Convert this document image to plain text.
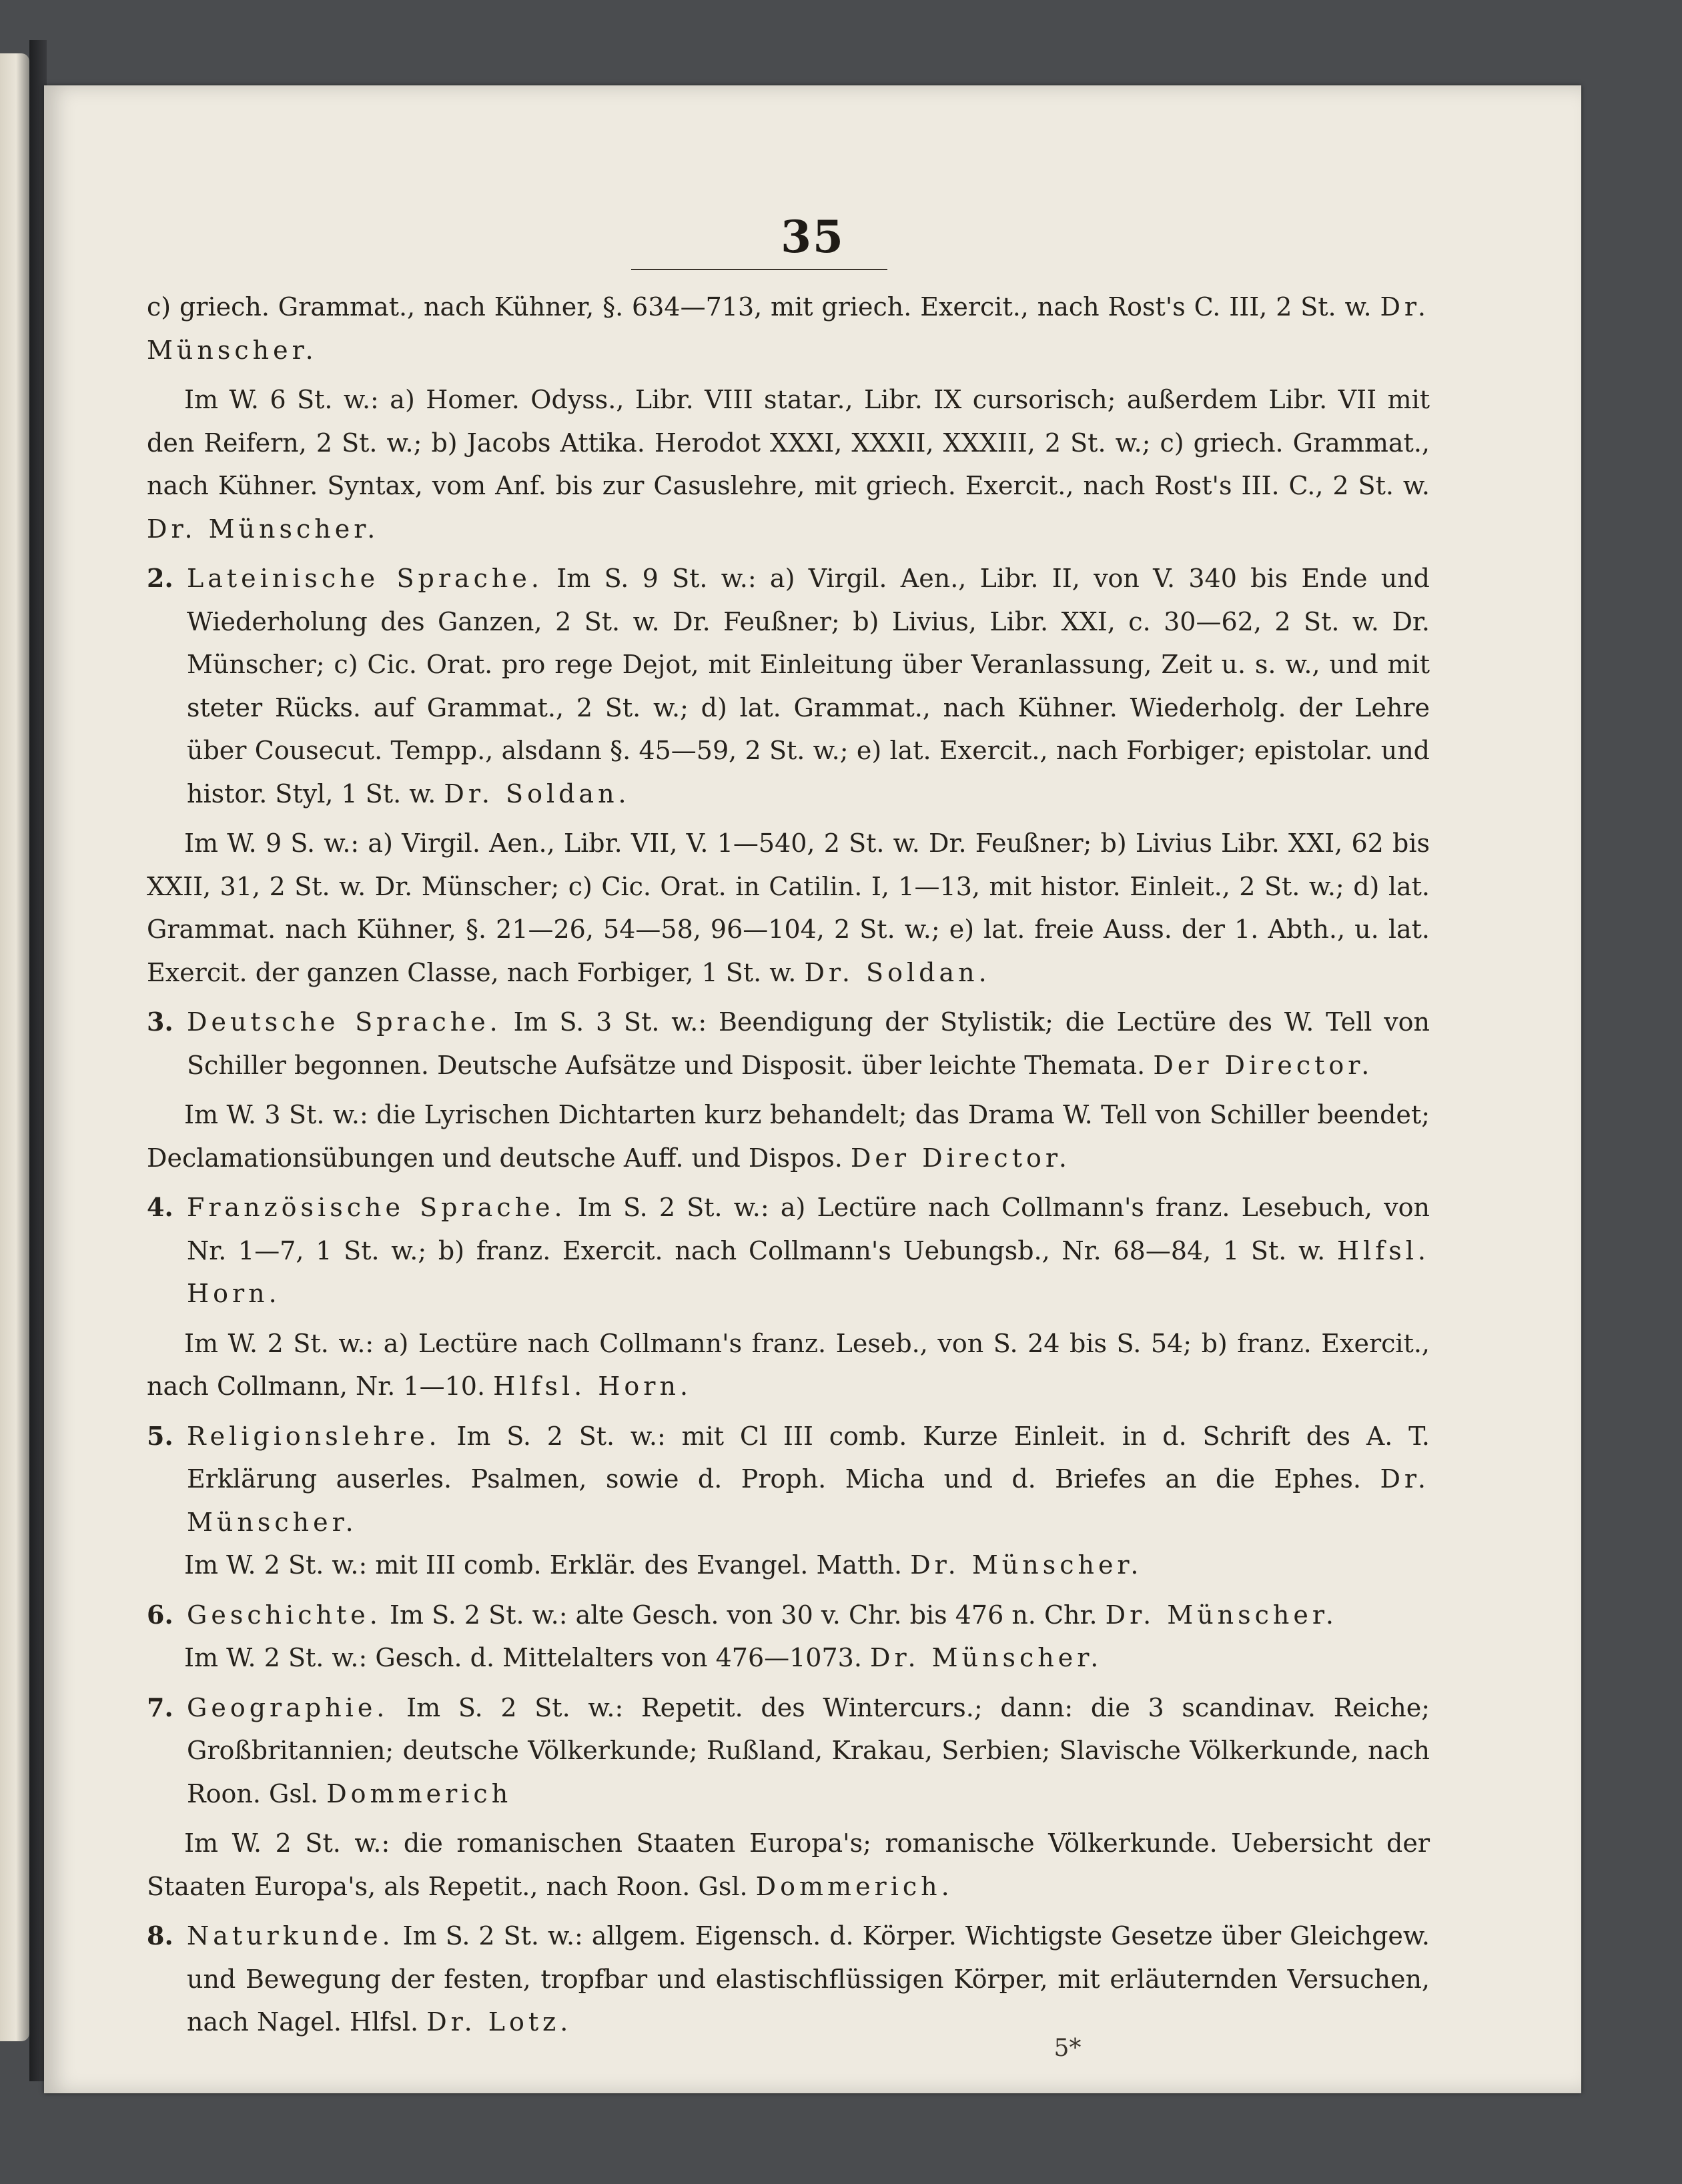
35

c) griech. Grammat., nach Kühner, §. 634—713, mit griech. Exercit., nach Rost's C. III, 2 St. w. Dr. Münscher.

Im W. 6 St. w.: a) Homer. Odyss., Libr. VIII statar., Libr. IX cursorisch; außerdem Libr. VII mit den Reifern, 2 St. w.; b) Jacobs Attika. Herodot XXXI, XXXII, XXXIII, 2 St. w.; c) griech. Grammat., nach Kühner. Syntax, vom Anf. bis zur Casuslehre, mit griech. Exercit., nach Rost's III. C., 2 St. w. Dr. Münscher.

2. Lateinische Sprache. Im S. 9 St. w.: a) Virgil. Aen., Libr. II, von V. 340 bis Ende und Wiederholung des Ganzen, 2 St. w. Dr. Feußner; b) Livius, Libr. XXI, c. 30—62, 2 St. w. Dr. Münscher; c) Cic. Orat. pro rege Dejot, mit Einleitung über Veranlassung, Zeit u. s. w., und mit steter Rücks. auf Grammat., 2 St. w.; d) lat. Grammat., nach Kühner. Wiederholg. der Lehre über Cousecut. Tempp., alsdann §. 45—59, 2 St. w.; e) lat. Exercit., nach Forbiger; epistolar. und histor. Styl, 1 St. w. Dr. Soldan.

Im W. 9 S. w.: a) Virgil. Aen., Libr. VII, V. 1—540, 2 St. w. Dr. Feußner; b) Livius Libr. XXI, 62 bis XXII, 31, 2 St. w. Dr. Münscher; c) Cic. Orat. in Catilin. I, 1—13, mit histor. Einleit., 2 St. w.; d) lat. Grammat. nach Kühner, §. 21—26, 54—58, 96—104, 2 St. w.; e) lat. freie Auss. der 1. Abth., u. lat. Exercit. der ganzen Classe, nach Forbiger, 1 St. w. Dr. Soldan.

3. Deutsche Sprache. Im S. 3 St. w.: Beendigung der Stylistik; die Lectüre des W. Tell von Schiller begonnen. Deutsche Aufsätze und Disposit. über leichte Themata. Der Director.

Im W. 3 St. w.: die Lyrischen Dichtarten kurz behandelt; das Drama W. Tell von Schiller beendet; Declamationsübungen und deutsche Auff. und Dispos. Der Director.

4. Französische Sprache. Im S. 2 St. w.: a) Lectüre nach Collmann's franz. Lesebuch, von Nr. 1—7, 1 St. w.; b) franz. Exercit. nach Collmann's Uebungsb., Nr. 68—84, 1 St. w. Hlfsl. Horn.

Im W. 2 St. w.: a) Lectüre nach Collmann's franz. Leseb., von S. 24 bis S. 54; b) franz. Exercit., nach Collmann, Nr. 1—10. Hlfsl. Horn.

5. Religionslehre. Im S. 2 St. w.: mit Cl III comb. Kurze Einleit. in d. Schrift des A. T. Erklärung auserles. Psalmen, sowie d. Proph. Micha und d. Briefes an die Ephes. Dr. Münscher.

Im W. 2 St. w.: mit III comb. Erklär. des Evangel. Matth. Dr. Münscher.

6. Geschichte. Im S. 2 St. w.: alte Gesch. von 30 v. Chr. bis 476 n. Chr. Dr. Münscher.

Im W. 2 St. w.: Gesch. d. Mittelalters von 476—1073. Dr. Münscher.

7. Geographie. Im S. 2 St. w.: Repetit. des Wintercurs.; dann: die 3 scandinav. Reiche; Großbritannien; deutsche Völkerkunde; Rußland, Krakau, Serbien; Slavische Völkerkunde, nach Roon. Gsl. Dommerich

Im W. 2 St. w.: die romanischen Staaten Europa's; romanische Völkerkunde. Uebersicht der Staaten Europa's, als Repetit., nach Roon. Gsl. Dommerich.

8. Naturkunde. Im S. 2 St. w.: allgem. Eigensch. d. Körper. Wichtigste Gesetze über Gleichgew. und Bewegung der festen, tropfbar und elastischflüssigen Körper, mit erläuternden Versuchen, nach Nagel. Hlfsl. Dr. Lotz.

5*
